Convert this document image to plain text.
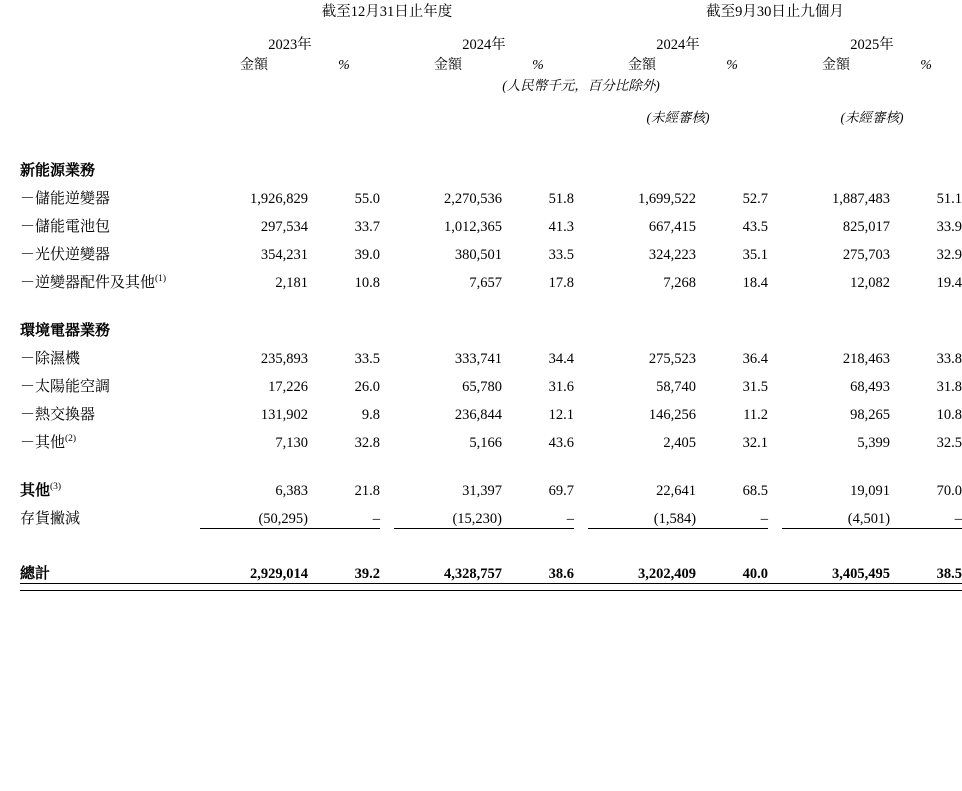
	截至12月31日止年度						截至9月30日止九個月				

	2023年			2024年			2024年			2025年	
	金額	%		金額	%		金額	%		金額	%
				(人民幣千元，百分比除外)							

							(未經審核)			(未經審核)	

新能源業務											
－儲能逆變器	1,926,829	55.0		2,270,536	51.8		1,699,522	52.7		1,887,483	51.1
－儲能電池包	297,534	33.7		1,012,365	41.3		667,415	43.5		825,017	33.9
－光伏逆變器	354,231	39.0		380,501	33.5		324,223	35.1		275,703	32.9
－逆變器配件及其他$^{(1)}$	2,181	10.8		7,657	17.8		7,268	18.4		12,082	19.4

環境電器業務											
－除濕機	235,893	33.5		333,741	34.4		275,523	36.4		218,463	33.8
－太陽能空調	17,226	26.0		65,780	31.6		58,740	31.5		68,493	31.8
－熱交換器	131,902	9.8		236,844	12.1		146,256	11.2		98,265	10.8
－其他$^{(2)}$	7,130	32.8		5,166	43.6		2,405	32.1		5,399	32.5

其他$^{(3)}$	6,383	21.8		31,397	69.7		22,641	68.5		19,091	70.0
存貨撇減	(50,295)	–		(15,230)	–		(1,584)	–		(4,501)	–

總計	2,929,014	39.2		4,328,757	38.6		3,202,409	40.0		3,405,495	38.5
